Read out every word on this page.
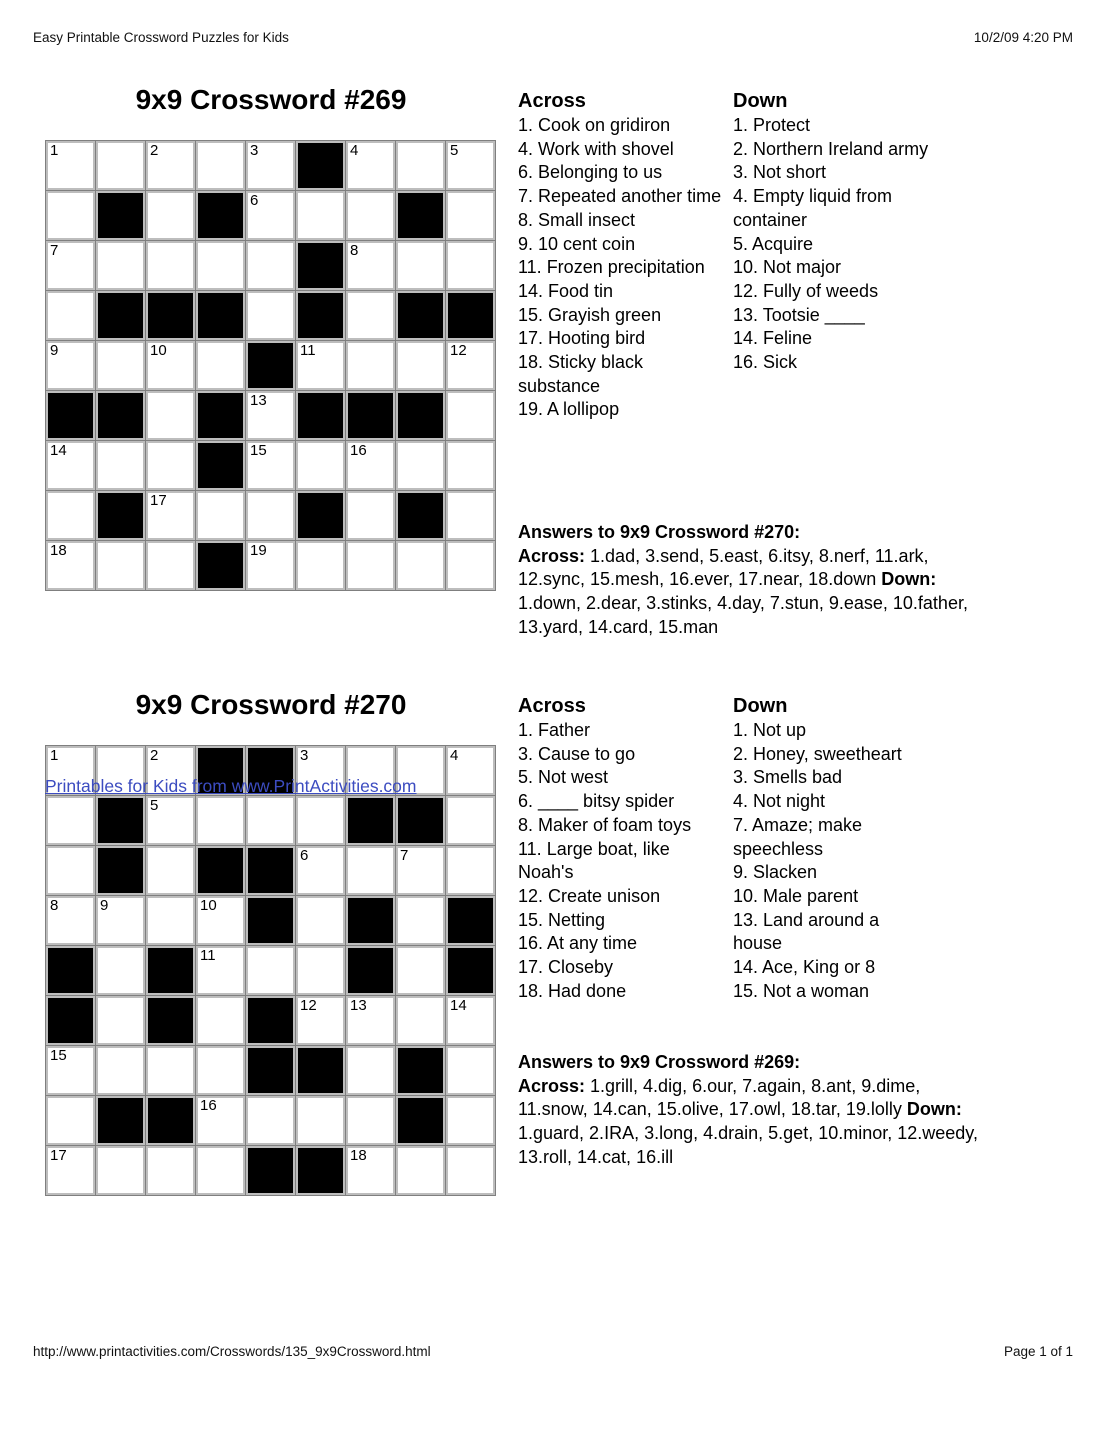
Easy Printable Crossword Puzzles for Kids	10/2/09 4:20 PM
9x9 Crossword #269
1	2	3	4	5
6
7	8
9	10	11	12
13
14	15	16
17
18	19
Across
1. Cook on gridiron
4. Work with shovel
6. Belonging to us
7. Repeated another time
8. Small insect
9. 10 cent coin
11. Frozen precipitation
14. Food tin
15. Grayish green
17. Hooting bird
18. Sticky black substance
19. A lollipop
Down
1. Protect
2. Northern Ireland army
3. Not short
4. Empty liquid from container
5. Acquire
10. Not major
12. Fully of weeds
13. Tootsie ____
14. Feline
16. Sick
Answers to 9x9 Crossword #270:
Across: 1.dad, 3.send, 5.east, 6.itsy, 8.nerf, 11.ark, 12.sync, 15.mesh, 16.ever, 17.near, 18.down Down: 1.down, 2.dear, 3.stinks, 4.day, 7.stun, 9.ease, 10.father, 13.yard, 14.card, 15.man
9x9 Crossword #270
1	2	3	4
5
6	7
8	9	10
11
12 13	14
15
16
17	18
Printables for Kids from www.PrintActivities.com
Across
1. Father
3. Cause to go
5. Not west
6. ____ bitsy spider
8. Maker of foam toys
11. Large boat, like Noah's
12. Create unison
15. Netting
16. At any time
17. Closeby
18. Had done
Down
1. Not up
2. Honey, sweetheart
3. Smells bad
4. Not night
7. Amaze; make speechless
9. Slacken
10. Male parent
13. Land around a house
14. Ace, King or 8
15. Not a woman
Answers to 9x9 Crossword #269:
Across: 1.grill, 4.dig, 6.our, 7.again, 8.ant, 9.dime, 11.snow, 14.can, 15.olive, 17.owl, 18.tar, 19.lolly Down: 1.guard, 2.IRA, 3.long, 4.drain, 5.get, 10.minor, 12.weedy, 13.roll, 14.cat, 16.ill
http://www.printactivities.com/Crosswords/135_9x9Crossword.html	Page 1 of 1
